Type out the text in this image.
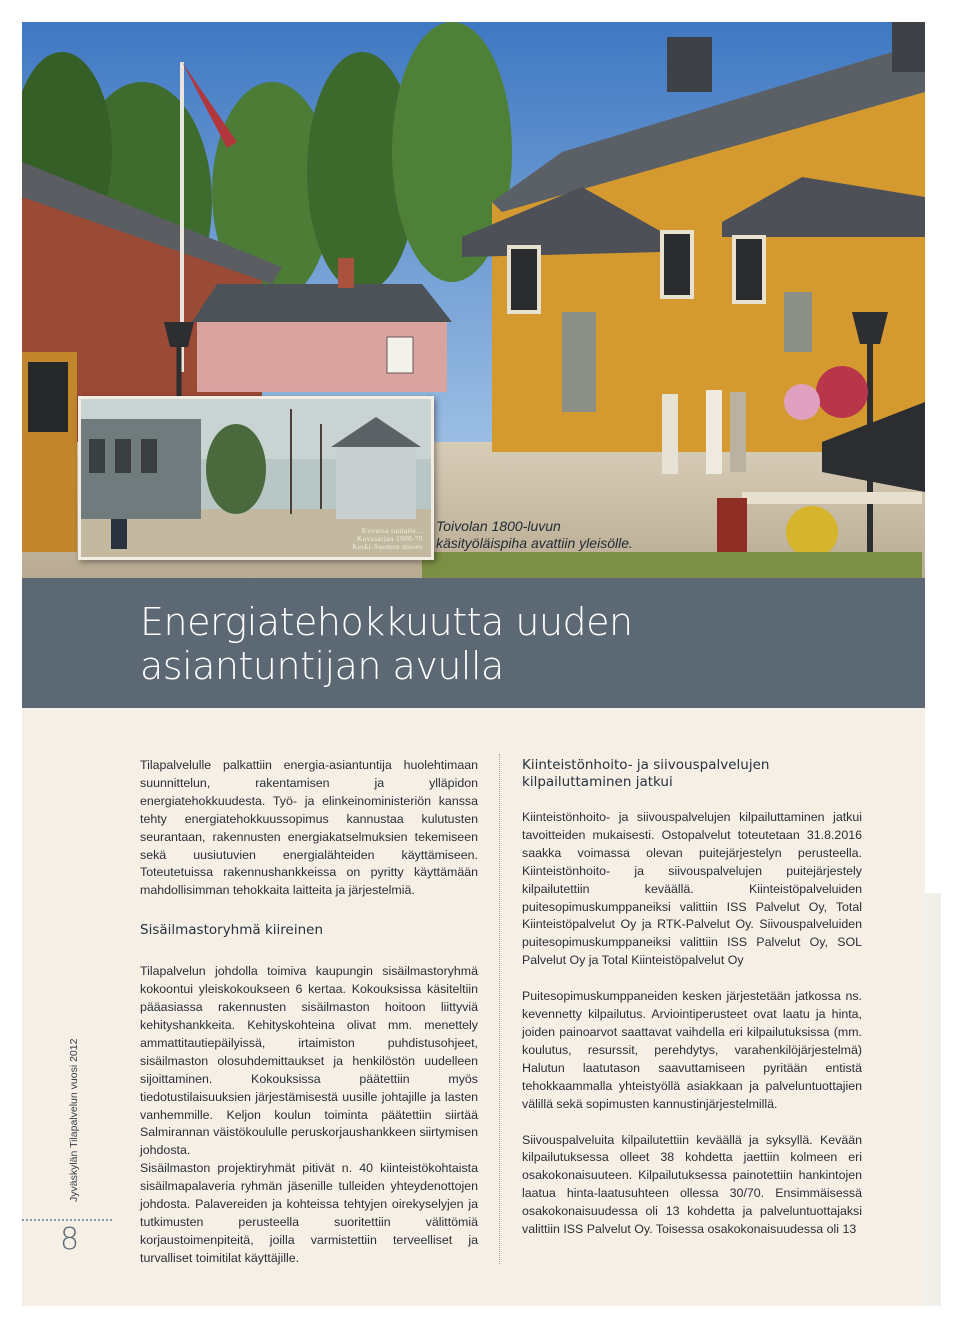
Kuvassa rautatie...
Kuvasarjan 1900-70
Keski-Suomen museo
Toivolan 1800-luvun käsityöläispiha avattiin yleisölle.
Energiatehokkuutta uuden
asiantuntijan avulla

Tilapalvelulle palkattiin energia-asiantuntija huolehtimaan suunnittelun, rakentamisen ja ylläpidon energiatehokkuudesta. Työ- ja elinkeinoministeriön kanssa tehty energiatehokkuussopimus kannustaa kulutusten seurantaan, rakennusten energiakatselmuksien tekemiseen sekä uusiutuvien energialähteiden käyttämiseen. Toteutetuissa rakennushankkeissa on pyritty käyttämään mahdollisimman tehokkaita laitteita ja järjestelmiä.

Sisäilmastoryhmä kiireinen

Tilapalvelun johdolla toimiva kaupungin sisäilmastoryhmä kokoontui yleiskokoukseen 6 kertaa. Kokouksissa käsiteltiin pääasiassa rakennusten sisäilmaston hoitoon liittyviä kehityshankkeita. Kehityskohteina olivat mm. menettely ammattitautiepäilyissä, irtaimiston puhdistusohjeet, sisäilmaston olosuhdemittaukset ja henkilöstön uudelleen sijoittaminen. Kokouksissa päätettiin myös tiedotustilaisuuksien järjestämisestä uusille johtajille ja lasten vanhemmille. Keljon koulun toiminta päätettiin siirtää Salmirannan väistökoululle peruskorjaushankkeen siirtymisen johdosta.

Sisäilmaston projektiryhmät pitivät n. 40 kiinteistökohtaista sisäilmapalaveria ryhmän jäsenille tulleiden yhteydenottojen johdosta. Palavereiden ja kohteissa tehtyjen oirekyselyjen ja tutkimusten perusteella suoritettiin välittömiä korjaustoimenpiteitä, joilla varmistettiin terveelliset ja turvalliset toimitilat käyttäjille.

Kiinteistönhoito- ja siivouspalvelujen kilpailuttaminen jatkui

Kiinteistönhoito- ja siivouspalvelujen kilpailuttaminen jatkui tavoitteiden mukaisesti. Ostopalvelut toteutetaan 31.8.2016 saakka voimassa olevan puitejärjestelyn perusteella. Kiinteistönhoito- ja siivouspalvelujen puitejärjestely kilpailutettiin keväällä. Kiinteistöpalveluiden puitesopimuskumppaneiksi valittiin ISS Palvelut Oy, Total Kiinteistöpalvelut Oy ja RTK-Palvelut Oy. Siivouspalveluiden puitesopimuskumppaneiksi valittiin ISS Palvelut Oy, SOL Palvelut Oy ja Total Kiinteistöpalvelut Oy

Puitesopimuskumppaneiden kesken järjestetään jatkossa ns. kevennetty kilpailutus. Arviointiperusteet ovat laatu ja hinta, joiden painoarvot saattavat vaihdella eri kilpailutuksissa (mm. koulutus, resurssit, perehdytys, varahenkilöjärjestelmä) Halutun laatutason saavuttamiseen pyritään entistä tehokkaammalla yhteistyöllä asiakkaan ja palveluntuottajien välillä sekä sopimusten kannustinjärjestelmillä.

Siivouspalveluita kilpailutettiin keväällä ja syksyllä. Kevään kilpailutuksessa olleet 38 kohdetta jaettiin kolmeen eri osakokonaisuuteen. Kilpailutuksessa painotettiin hankintojen laatua hinta-laatusuhteen ollessa 30/70. Ensimmäisessä osakokonaisuudessa oli 13 kohdetta ja palveluntuottajaksi valittiin ISS Palvelut Oy. Toisessa osakokonaisuudessa oli 13

8
Jyväskylän Tilapalvelun vuosi 2012
